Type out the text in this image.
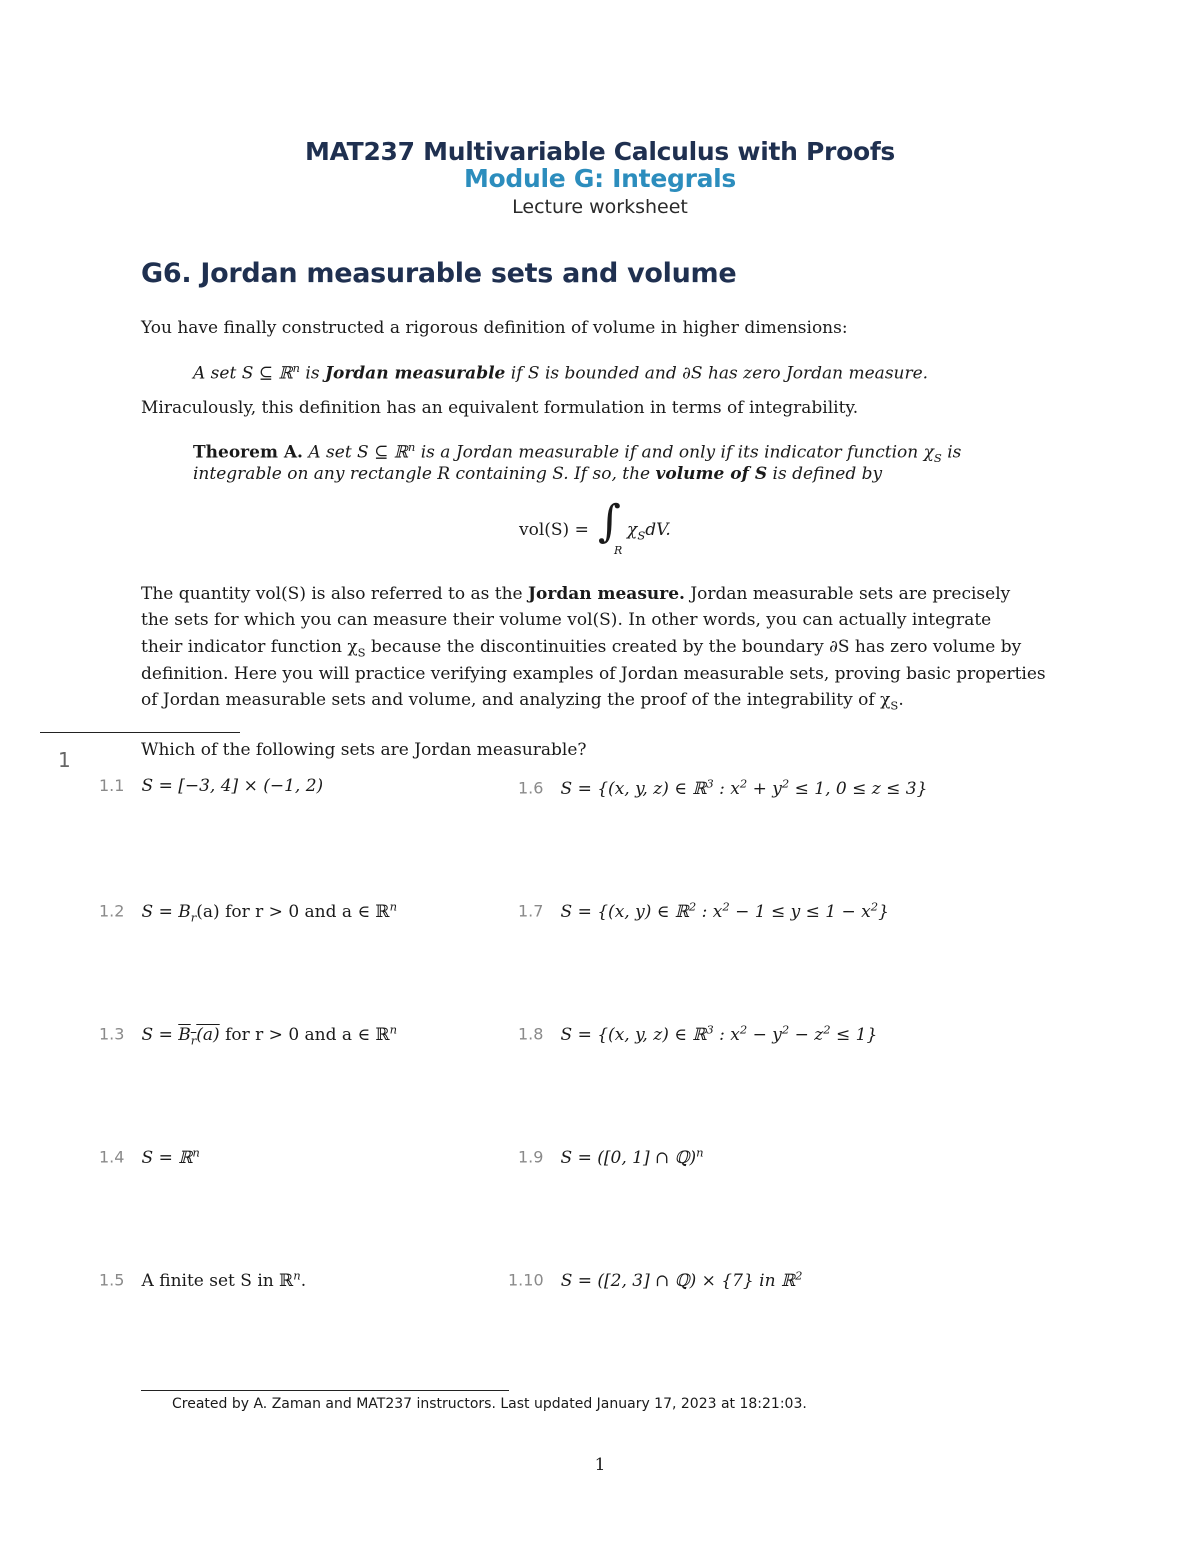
MAT237 Multivariable Calculus with Proofs
Module G: Integrals
Lecture worksheet
G6. Jordan measurable sets and volume
You have finally constructed a rigorous definition of volume in higher dimensions:
A set S ⊆ ℝ$^n$ is Jordan measurable if S is bounded and ∂S has zero Jordan measure.
Miraculously, this definition has an equivalent formulation in terms of integrability.
Theorem A. A set S ⊆ ℝ$^n$ is a Jordan measurable if and only if its indicator function $\chi_S$ is
integrable on any rectangle R containing S. If so, the volume of S is defined by
vol(S) = ∫
R
$\chi_SdV$.
The quantity vol(S) is also referred to as the Jordan measure. Jordan measurable sets are precisely
the sets for which you can measure their volume vol(S). In other words, you can actually integrate
their indicator function $\chi_S$ because the discontinuities created by the boundary ∂S has zero volume by
definition. Here you will practice verifying examples of Jordan measurable sets, proving basic properties
of Jordan measurable sets and volume, and analyzing the proof of the integrability of $\chi_S$.
1	Which of the following sets are Jordan measurable?
1.1 S = [−3, 4] × (−1, 2)
1.2 $S = B_r(a)$ for r > 0 and a ∈ ℝ$^n$
1.3 $S = B_r(a)$ for r > 0 and a ∈ ℝ$^n$
1.4 S = ℝ$^n$
1.5 A finite set S in ℝ$^n$.
1.6 S = {(x, y, z) ∈ ℝ$^3$ : $x^2 + y^2 \le 1$, 0 ≤ z ≤ 3}
1.7 S = {(x, y) ∈ ℝ$^2$ : $x^2 - 1 \le y \le 1 - x^2$}
1.8 S = {(x, y, z) ∈ ℝ$^3$ : $x^2 - y^2 - z^2 \le 1$}
1.9 S = ([0, 1] ∩ ℚ)$^n$
1.10 S = ([2, 3] ∩ ℚ) × {7} in ℝ$^2$
Created by A. Zaman and MAT237 instructors. Last updated January 17, 2023 at 18:21:03.
1
